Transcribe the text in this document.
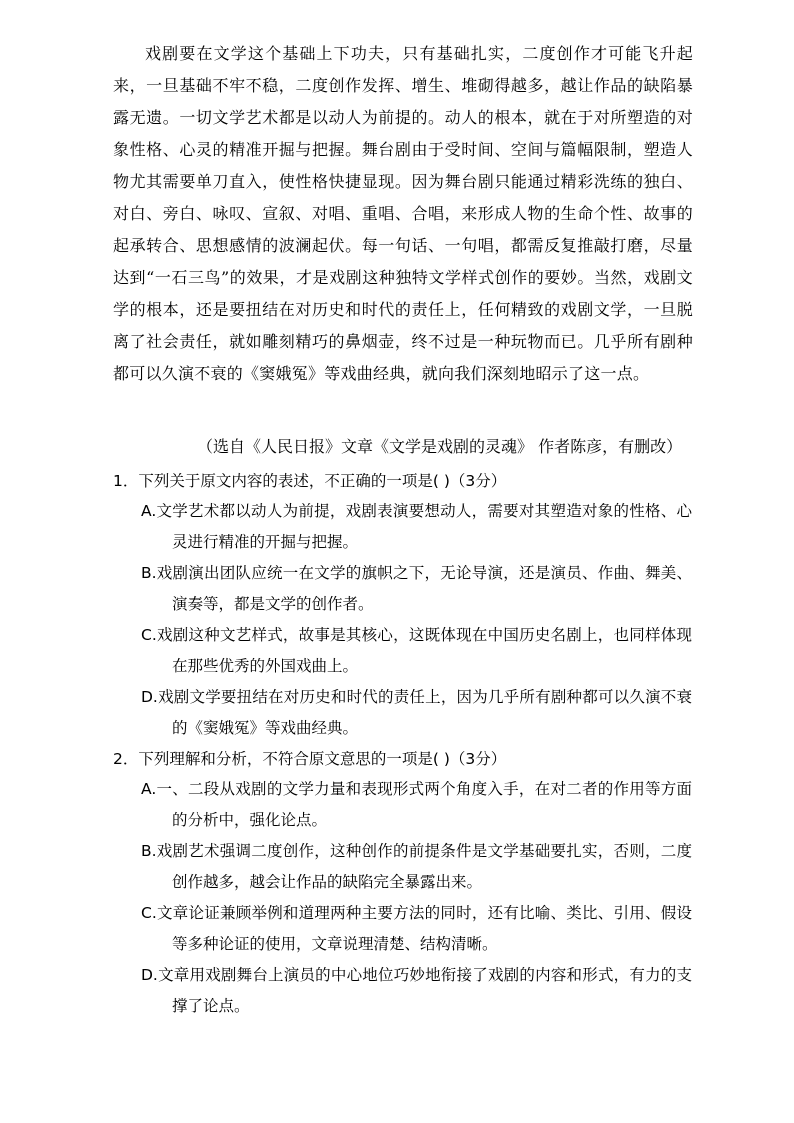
戏剧要在文学这个基础上下功夫，只有基础扎实，二度创作才可能飞升起来，一旦基础不牢不稳，二度创作发挥、增生、堆砌得越多，越让作品的缺陷暴露无遗。一切文学艺术都是以动人为前提的。动人的根本，就在于对所塑造的对象性格、心灵的精准开掘与把握。舞台剧由于受时间、空间与篇幅限制，塑造人物尤其需要单刀直入，使性格快捷显现。因为舞台剧只能通过精彩洗练的独白、对白、旁白、咏叹、宣叙、对唱、重唱、合唱，来形成人物的生命个性、故事的起承转合、思想感情的波澜起伏。每一句话、一句唱，都需反复推敲打磨，尽量达到“一石三鸟”的效果，才是戏剧这种独特文学样式创作的要妙。当然，戏剧文学的根本，还是要扭结在对历史和时代的责任上，任何精致的戏剧文学，一旦脱离了社会责任，就如雕刻精巧的鼻烟壶，终不过是一种玩物而已。几乎所有剧种都可以久演不衰的《窦娥冤》等戏曲经典，就向我们深刻地昭示了这一点。

（选自《人民日报》文章《文学是戏剧的灵魂》 作者陈彦，有删改）

1．下列关于原文内容的表述，不正确的一项是( )（3分）

A.文学艺术都以动人为前提，戏剧表演要想动人，需要对其塑造对象的性格、心灵进行精准的开掘与把握。

B.戏剧演出团队应统一在文学的旗帜之下，无论导演，还是演员、作曲、舞美、演奏等，都是文学的创作者。

C.戏剧这种文艺样式，故事是其核心，这既体现在中国历史名剧上，也同样体现在那些优秀的外国戏曲上。

D.戏剧文学要扭结在对历史和时代的责任上，因为几乎所有剧种都可以久演不衰的《窦娥冤》等戏曲经典。

2．下列理解和分析，不符合原文意思的一项是( )（3分）

A.一、二段从戏剧的文学力量和表现形式两个角度入手，在对二者的作用等方面的分析中，强化论点。

B.戏剧艺术强调二度创作，这种创作的前提条件是文学基础要扎实，否则，二度创作越多，越会让作品的缺陷完全暴露出来。

C.文章论证兼顾举例和道理两种主要方法的同时，还有比喻、类比、引用、假设等多种论证的使用，文章说理清楚、结构清晰。

D.文章用戏剧舞台上演员的中心地位巧妙地衔接了戏剧的内容和形式，有力的支撑了论点。
